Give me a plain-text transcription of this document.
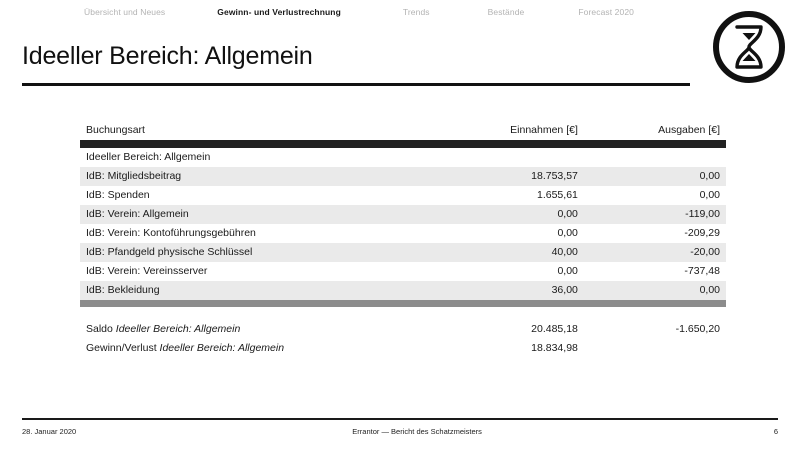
Übersicht und Neues	Gewinn- und Verlustrechnung	Trends	Bestände	Forecast 2020
Ideeller Bereich: Allgemein
Buchungsart	Einnahmen [€]	Ausgaben [€]

Ideeller Bereich: Allgemein		
IdB: Mitgliedsbeitrag	18.753,57	0,00
IdB: Spenden	1.655,61	0,00
IdB: Verein: Allgemein	0,00	-119,00
IdB: Verein: Kontoführungsgebühren	0,00	-209,29
IdB: Pfandgeld physische Schlüssel	40,00	-20,00
IdB: Verein: Vereinsserver	0,00	-737,48
IdB: Bekleidung	36,00	0,00

Saldo Ideeller Bereich: Allgemein	20.485,18	-1.650,20
Gewinn/Verlust Ideeller Bereich: Allgemein	18.834,98	
28. Januar 2020	Errantor — Bericht des Schatzmeisters	6
